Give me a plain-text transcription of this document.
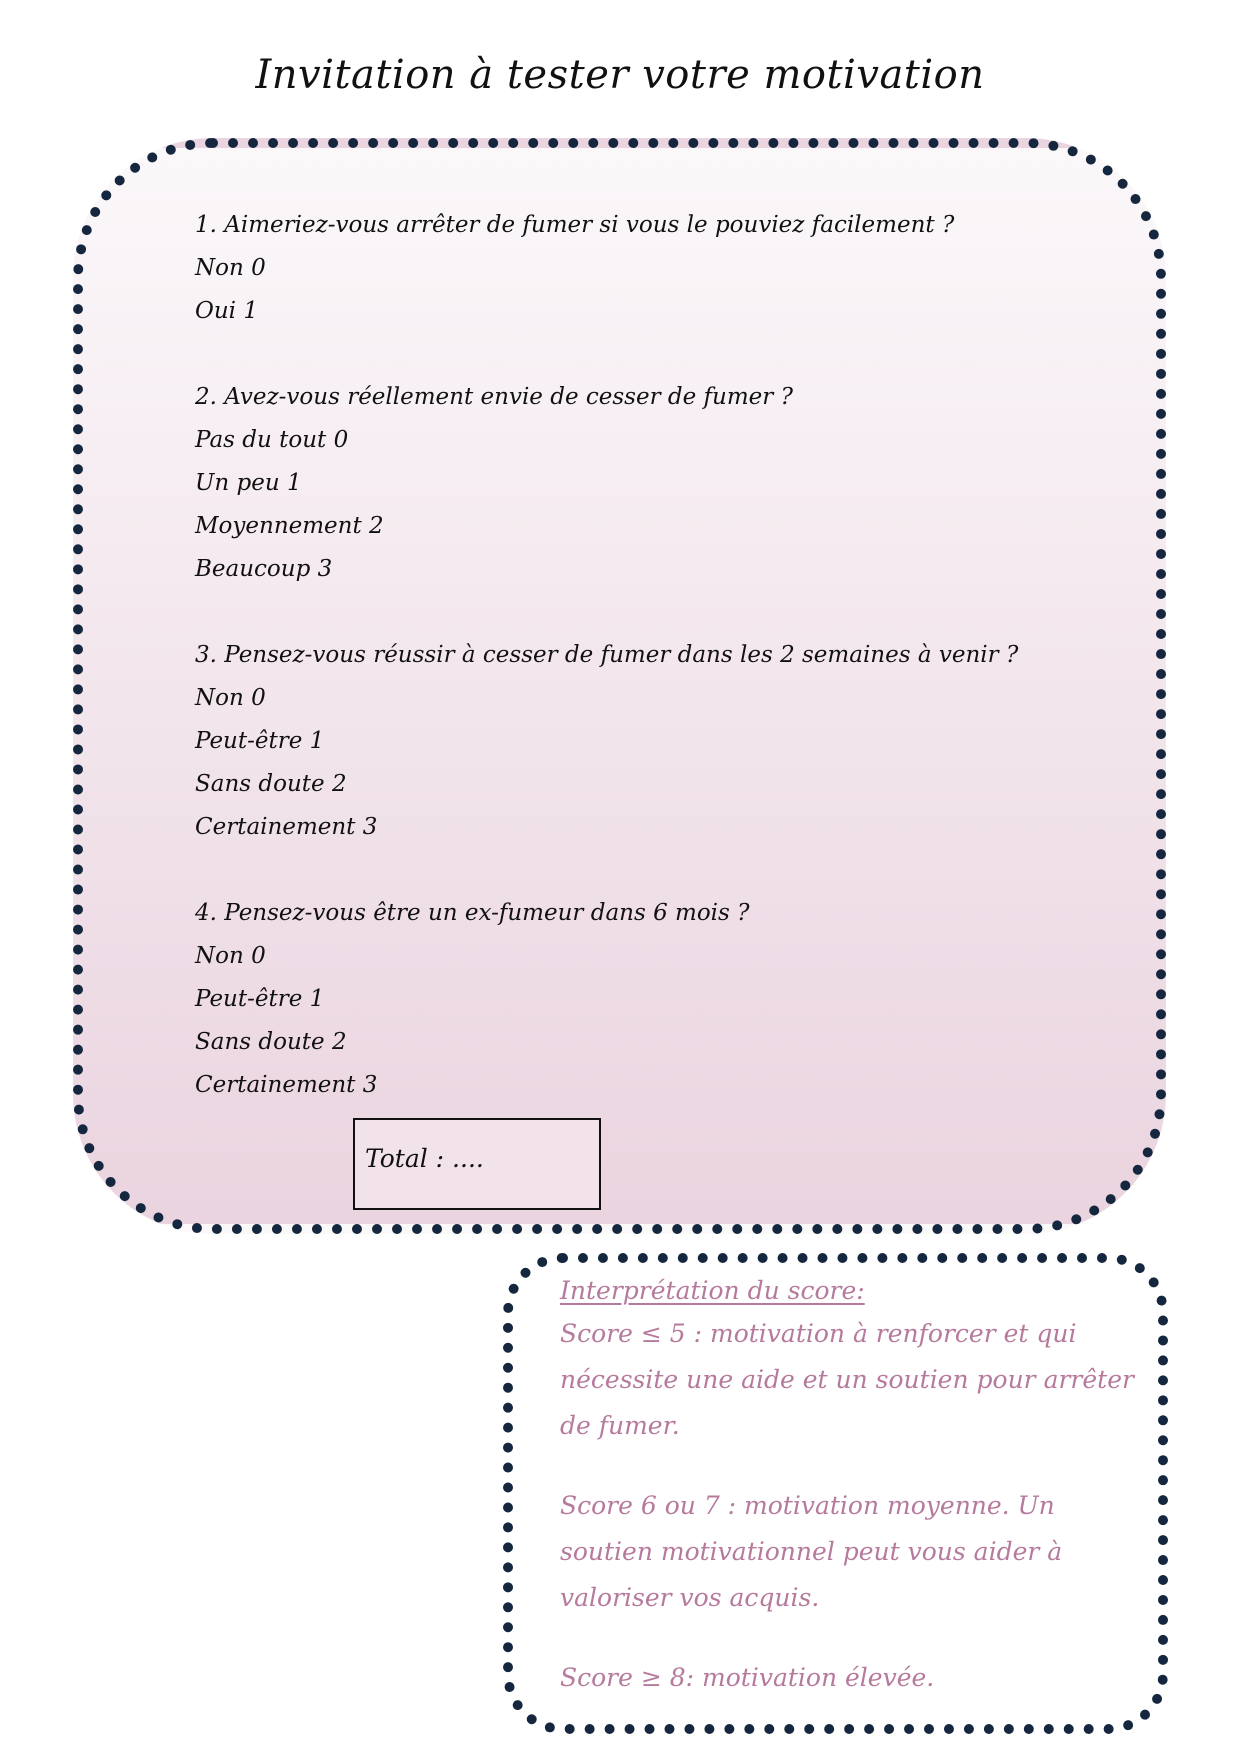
Invitation à tester votre motivation
1. Aimeriez-vous arrêter de fumer si vous le pouviez facilement ?
Non 0
Oui 1
2. Avez-vous réellement envie de cesser de fumer ?
Pas du tout 0
Un peu 1
Moyennement 2
Beaucoup 3
3. Pensez-vous réussir à cesser de fumer dans les 2 semaines à venir ?
Non 0
Peut-être 1
Sans doute 2
Certainement 3
4. Pensez-vous être un ex-fumeur dans 6 mois ?
Non 0
Peut-être 1
Sans doute 2
Certainement 3
Total : ....
Interprétation du score:
Score ≤ 5 : motivation à renforcer et qui nécessite une aide et un soutien pour arrêter de fumer.
Score 6 ou 7 : motivation moyenne. Un soutien motivationnel peut vous aider à valoriser vos acquis.
Score ≥ 8: motivation élevée.
